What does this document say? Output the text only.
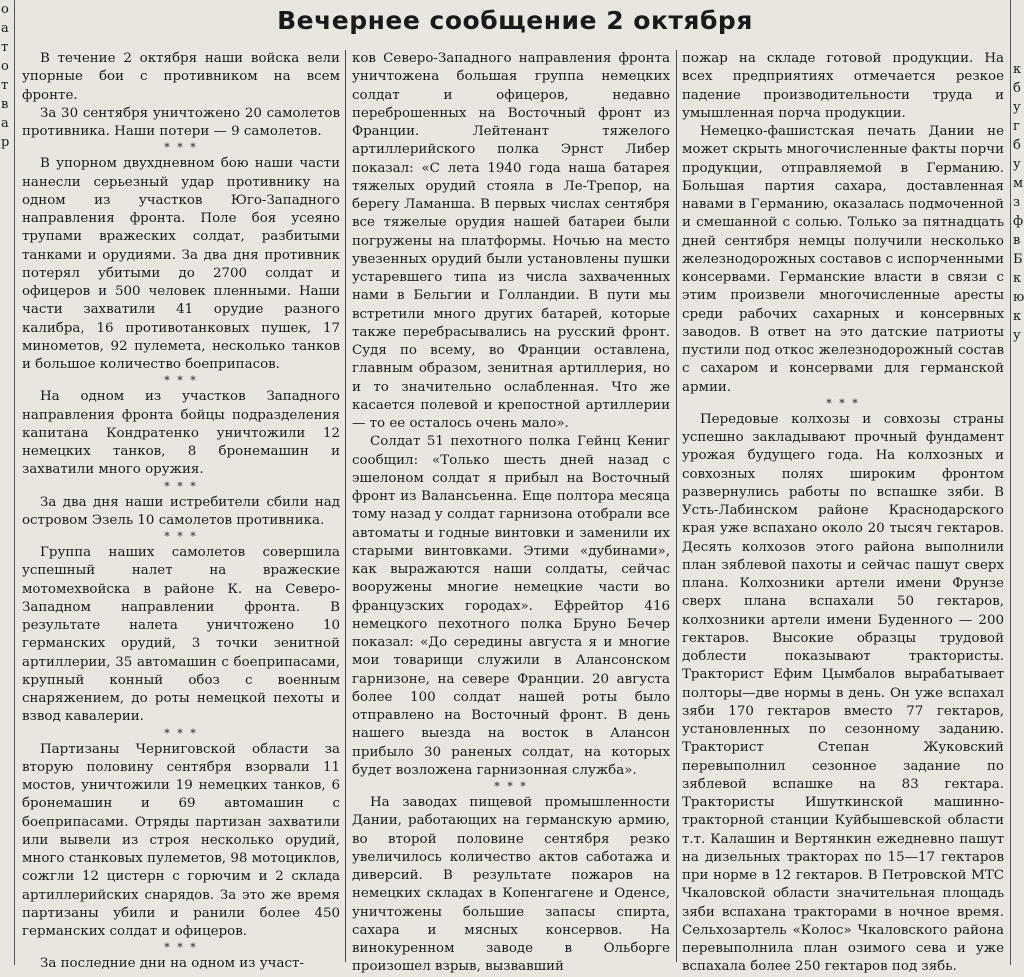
о
а
т
о
т
в
а
р
Вечернее сообщение 2 октября

В течение 2 октября наши войска вели упорные бои с противником на всем фронте.

За 30 сентября уничтожено 20 самолетов противника. Наши потери — 9 самолетов.

* * *

В упорном двухдневном бою наши части нанесли серьезный удар противнику на одном из участков Юго-Западного направления фронта. Поле боя усеяно трупами вражеских солдат, разбитыми танками и орудиями. За два дня противник потерял убитыми до 2700 солдат и офицеров и 500 человек пленными. Наши части захватили 41 орудие разного калибра, 16 противотанковых пушек, 17 минометов, 92 пулемета, несколько танков и большое количество боеприпасов.

* * *

На одном из участков Западного направления фронта бойцы подразделения капитана Кондратенко уничтожили 12 немецких танков, 8 бронемашин и захватили много оружия.

* * *

За два дня наши истребители сбили над островом Эзель 10 самолетов противника.

* * *

Группа наших самолетов совершила успешный налет на вражеские мотомехвойска в районе К. на Северо-Западном направлении фронта. В результате налета уничтожено 10 германских орудий, 3 точки зенитной артиллерии, 35 автомашин с боеприпасами, крупный конный обоз с военным снаряжением, до роты немецкой пехоты и взвод кавалерии.

* * *

Партизаны Черниговской области за вторую половину сентября взорвали 11 мостов, уничтожили 19 немецких танков, 6 бронемашин и 69 автомашин с боеприпасами. Отряды партизан захватили или вывели из строя несколько орудий, много станковых пулеметов, 98 мотоциклов, сожгли 12 цистерн с горючим и 2 склада артиллерийских снарядов. За это же время партизаны убили и ранили более 450 германских солдат и офицеров.

* * *

За последние дни на одном из участ-

ков Северо-Западного направления фронта уничтожена большая группа немецких солдат и офицеров, недавно переброшенных на Восточный фронт из Франции. Лейтенант тяжелого артиллерийского полка Эрнст Либер показал: «С лета 1940 года наша батарея тяжелых орудий стояла в Ле-Трепор, на берегу Ламанша. В первых числах сентября все тяжелые орудия нашей батареи были погружены на платформы. Ночью на место увезенных орудий были установлены пушки устаревшего типа из числа захваченных нами в Бельгии и Голландии. В пути мы встретили много других батарей, которые также перебрасывались на русский фронт. Судя по всему, во Франции оставлена, главным образом, зенитная артиллерия, но и то значительно ослабленная. Что же касается полевой и крепостной артиллерии — то ее осталось очень мало».

Солдат 51 пехотного полка Гейнц Кениг сообщил: «Только шесть дней назад с эшелоном солдат я прибыл на Восточный фронт из Валансьенна. Еще полтора месяца тому назад у солдат гарнизона отобрали все автоматы и годные винтовки и заменили их старыми винтовками. Этими «дубинами», как выражаются наши солдаты, сейчас вооружены многие немецкие части во французских городах». Ефрейтор 416 немецкого пехотного полка Бруно Бечер показал: «До середины августа я и многие мои товарищи служили в Алансонском гарнизоне, на севере Франции. 20 августа более 100 солдат нашей роты было отправлено на Восточный фронт. В день нашего выезда на восток в Алансон прибыло 30 раненых солдат, на которых будет возложена гарнизонная служба».

* * *

На заводах пищевой промышленности Дании, работающих на германскую армию, во второй половине сентября резко увеличилось количество актов саботажа и диверсий. В результате пожаров на немецких складах в Копенгагене и Оденсе, уничтожены большие запасы спирта, сахара и мясных консервов. На винокуренном заводе в Ольборге произошел взрыв, вызвавший

пожар на складе готовой продукции. На всех предприятиях отмечается резкое падение производительности труда и умышленная порча продукции.

Немецко-фашистская печать Дании не может скрыть многочисленные факты порчи продукции, отправляемой в Германию. Большая партия сахара, доставленная навами в Германию, оказалась подмоченной и смешанной с солью. Только за пятнадцать дней сентября немцы получили несколько железнодорожных составов с испорченными консервами. Германские власти в связи с этим произвели многочисленные аресты среди рабочих сахарных и консервных заводов. В ответ на это датские патриоты пустили под откос железнодорожный состав с сахаром и консервами для германской армии.

* * *

Передовые колхозы и совхозы страны успешно закладывают прочный фундамент урожая будущего года. На колхозных и совхозных полях широким фронтом развернулись работы по вспашке зяби. В Усть-Лабинском районе Краснодарского края уже вспахано около 20 тысяч гектаров. Десять колхозов этого района выполнили план зяблевой пахоты и сейчас пашут сверх плана. Колхозники артели имени Фрунзе сверх плана вспахали 50 гектаров, колхозники артели имени Буденного — 200 гектаров. Высокие образцы трудовой доблести показывают трактористы. Тракторист Ефим Цымбалов вырабатывает полторы—две нормы в день. Он уже вспахал зяби 170 гектаров вместо 77 гектаров, установленных по сезонному заданию. Тракторист Степан Жуковский перевыполнил сезонное задание по зяблевой вспашке на 83 гектара. Трактористы Ишуткинской машинно-тракторной станции Куйбышевской области т.т. Калашин и Вертянкин ежедневно пашут на дизельных тракторах по 15—17 гектаров при норме в 12 гектаров. В Петровской МТС Чкаловской области значительная площадь зяби вспахана тракторами в ночное время. Сельхозартель «Колос» Чкаловского района перевыполнила план озимого сева и уже вспахала более 250 гектаров под зябь.

к
б
у
г
б
у
м
з
ф
в
Б
к
ю
к
у
